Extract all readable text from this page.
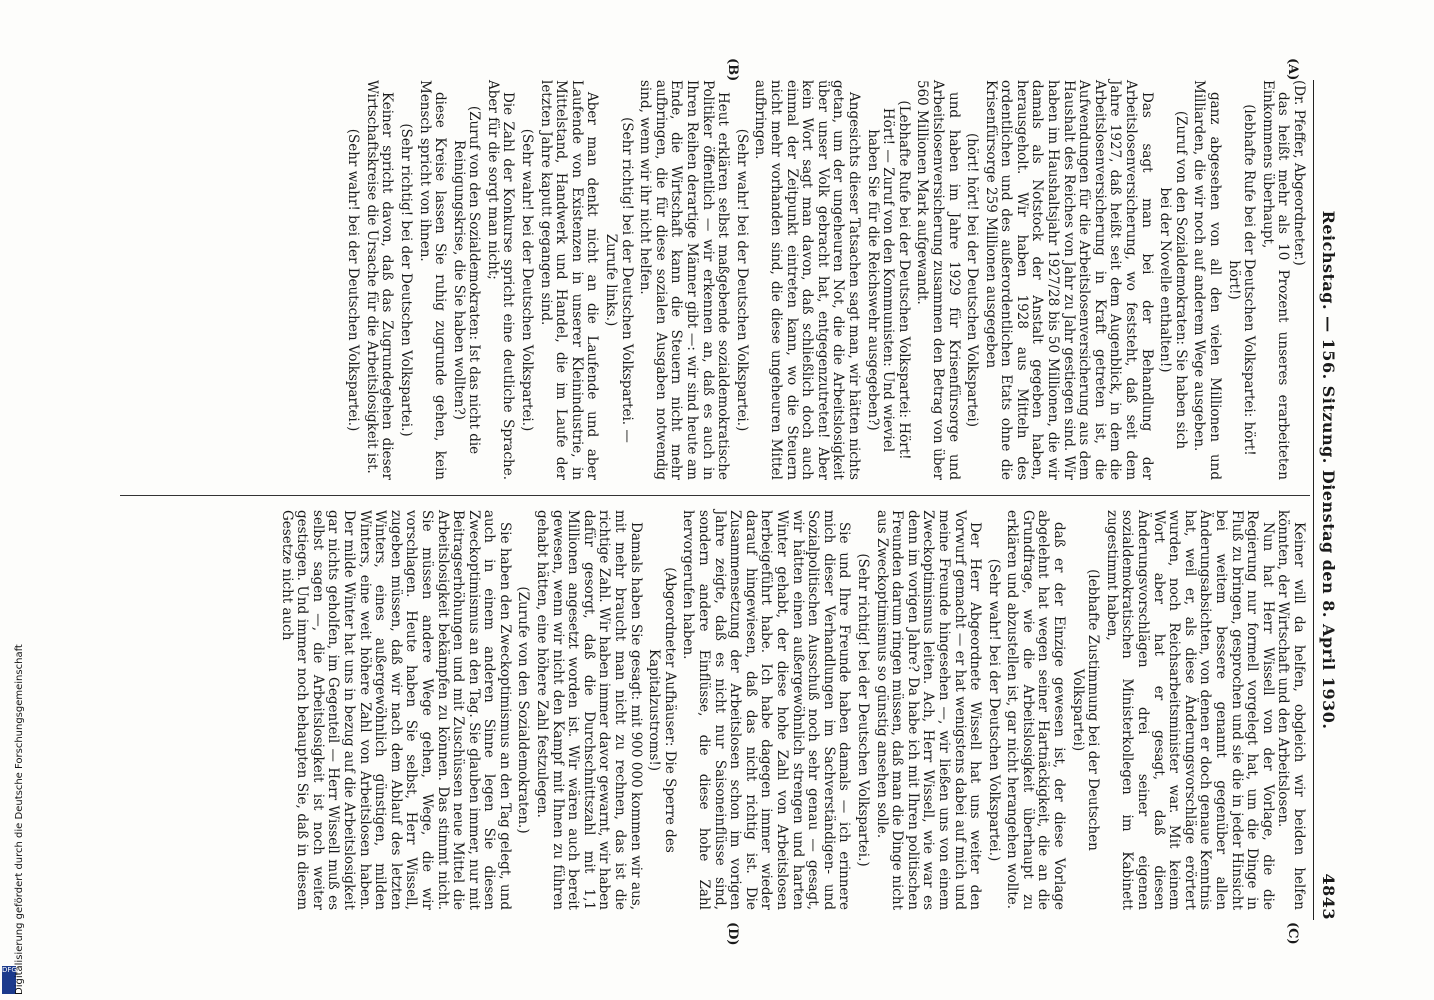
Reichstag. — 156. Sitzung. Dienstag den 8. April 1930.
4843
(A)
(B)
(C)
(D)

(Dr. Pfeffer, Abgeordneter.)

das heißt mehr als 10 Prozent unseres erarbeiteten Einkommens überhaupt,

(lebhafte Rufe bei der Deutschen Volkspartei: hört! hört!)

ganz abgesehen von all den vielen Millionen und Milliarden, die wir noch auf anderem Wege ausgeben.

(Zuruf von den Sozialdemokraten: Sie haben sich bei der Novelle enthalten!)

Das sagt man bei der Behandlung der Arbeitslosenversicherung, wo feststeht, daß seit dem Jahre 1927, daß heißt seit dem Augenblick, in dem die Arbeitslosenversicherung in Kraft getreten ist, die Aufwendungen für die Arbeitslosenversicherung aus dem Haushalt des Reiches von Jahr zu Jahr gestiegen sind. Wir haben im Haushaltsjahr 1927/28 bis 50 Millionen, die wir damals als Notstock der Anstalt gegeben haben, herausgeholt. Wir haben 1928 aus Mitteln des ordentlichen und des außerordentlichen Etats ohne die Krisenfürsorge 259 Millionen ausgegeben

(hört! hört! bei der Deutschen Volkspartei)

und haben im Jahre 1929 für Krisenfürsorge und Arbeitslosenversicherung zusammen den Betrag von über 560 Millionen Mark aufgewandt.

(Lebhafte Rufe bei der Deutschen Volkspartei: Hört! Hört! — Zuruf von den Kommunisten: Und wieviel haben Sie für die Reichswehr ausgegeben?)

Angesichts dieser Tatsachen sagt man, wir hätten nichts getan, um der ungeheuren Not, die die Arbeitslosigkeit über unser Volk gebracht hat, entgegenzutreten! Aber kein Wort sagt man davon, daß schließlich doch auch einmal der Zeitpunkt eintreten kann, wo die Steuern nicht mehr vorhanden sind, die diese ungeheuren Mittel aufbringen.

(Sehr wahr! bei der Deutschen Volkspartei.)

Heut erklären selbst maßgebende sozialdemokratische Politiker öffentlich — wir erkennen an, daß es auch in Ihren Reihen derartige Männer gibt —: wir sind heute am Ende, die Wirtschaft kann die Steuern nicht mehr aufbringen, die für diese sozialen Ausgaben notwendig sind, wenn wir ihr nicht helfen.

(Sehr richtig! bei der Deutschen Volkspartei. — Zurufe links.)

Aber man denkt nicht an die Laufende und aber Laufende von Existenzen in unserer Kleinindustrie, in Mittelstand, Handwerk und Handel, die im Laufe der letzten Jahre kaputt gegangen sind.

(Sehr wahr! bei der Deutschen Volkspartei.)

Die Zahl der Konkurse spricht eine deutliche Sprache. Aber für die sorgt man nicht;

(Zuruf von den Sozialdemokraten: Ist das nicht die Reinigungskrise, die Sie haben wollten?)

diese Kreise lassen Sie ruhig zugrunde gehen, kein Mensch spricht von ihnen.

(Sehr richtig! bei der Deutschen Volkspartei.)

Keiner spricht davon, daß das Zugrundegehen dieser Wirtschaftskreise die Ursache für die Arbeitslosigkeit ist.

(Sehr wahr! bei der Deutschen Volkspartei.)

Keiner will da helfen, obgleich wir beiden helfen könnten, der Wirtschaft und den Arbeitslosen.

Nun hat Herr Wissell von der Vorlage, die die Regierung nur formell vorgelegt hat, um die Dinge in Fluß zu bringen, gesprochen und sie die in jeder Hinsicht bei weitem bessere genannt gegenüber allen Änderungsabsichten, von denen er doch genaue Kenntnis hat, weil er, als diese Änderungsvorschläge erörtert wurden, noch Reichsarbeitsminister war. Mit keinem Wort aber hat er gesagt, daß diesen Änderungsvorschlägen drei seiner eigenen sozialdemokratischen Ministerkollegen im Kabinett zugestimmt haben,

(lebhafte Zustimmung bei der Deutschen Volkspartei)

daß er der Einzige gewesen ist, der diese Vorlage abgelehnt hat wegen seiner Hartnäckigkeit, die an die Grundfrage, wie die Arbeitslosigkeit überhaupt zu erklären und abzustellen ist, gar nicht herangehen wollte.

(Sehr wahr! bei der Deutschen Volkspartei.)

Der Herr Abgeordnete Wissell hat uns weiter den Vorwurf gemacht — er hat wenigstens dabei auf mich und meine Freunde hingesehen —, wir ließen uns von einem Zweckoptimismus leiten. Ach, Herr Wissell, wie war es denn im vorigen Jahre? Da habe ich mit Ihren politischen Freunden darum ringen müssen, daß man die Dinge nicht aus Zweckoptimismus so günstig ansehen solle.

(Sehr richtig! bei der Deutschen Volkspartei.)

Sie und Ihre Freunde haben damals — ich erinnere mich dieser Verhandlungen im Sachverständigen- und Sozialpolitischen Ausschuß noch sehr genau — gesagt, wir hätten einen außergewöhnlich strengen und harten Winter gehabt, der diese hohe Zahl von Arbeitslosen herbeigeführt habe. Ich habe dagegen immer wieder darauf hingewiesen, daß das nicht richtig ist. Die Zusammensetzung der Arbeitslosen schon im vorigen Jahre zeigte, daß es nicht nur Saisoneinflüsse sind, sondern andere Einflüsse, die diese hohe Zahl hervorgerufen haben.

(Abgeordneter Aufhäuser: Die Sperre des Kapitalzustroms!)

Damals haben Sie gesagt: mit 900 000 kommen wir aus, mit mehr braucht man nicht zu rechnen, das ist die richtige Zahl. Wir haben immer davor gewarnt, wir haben dafür gesorgt, daß die Durchschnittszahl mit 1,1 Millionen angesetzt worden ist. Wir wären auch bereit gewesen, wenn wir nicht den Kampf mit Ihnen zu führen gehabt hätten, eine höhere Zahl festzulegen.

(Zurufe von den Sozialdemokraten.)

Sie haben den Zweckoptimismus an den Tag gelegt, und auch in einem anderen Sinne legen Sie diesen Zweckoptimismus an den Tag. Sie glauben immer, nur mit Beitragserhöhungen und mit Zuschüssen neue Mittel die Arbeitslosigkeit bekämpfen zu können. Das stimmt nicht. Sie müssen andere Wege gehen, Wege, die wir vorschlagen. Heute haben Sie selbst, Herr Wissell, zugeben müssen, daß wir nach dem Ablauf des letzten Winters, eines außergewöhnlich günstigen, milden Winters, eine weit höhere Zahl von Arbeitslosen haben. Der milde Winter hat uns in bezug auf die Arbeitslosigkeit gar nichts geholfen, im Gegenteil — Herr Wissell muß es selbst sagen —, die Arbeitslosigkeit ist noch weiter gestiegen. Und immer noch behaupten Sie, daß in diesem Gesetze nicht auch

DFG
Digitalisierung gefördert durch die Deutsche Forschungsgemeinschaft
